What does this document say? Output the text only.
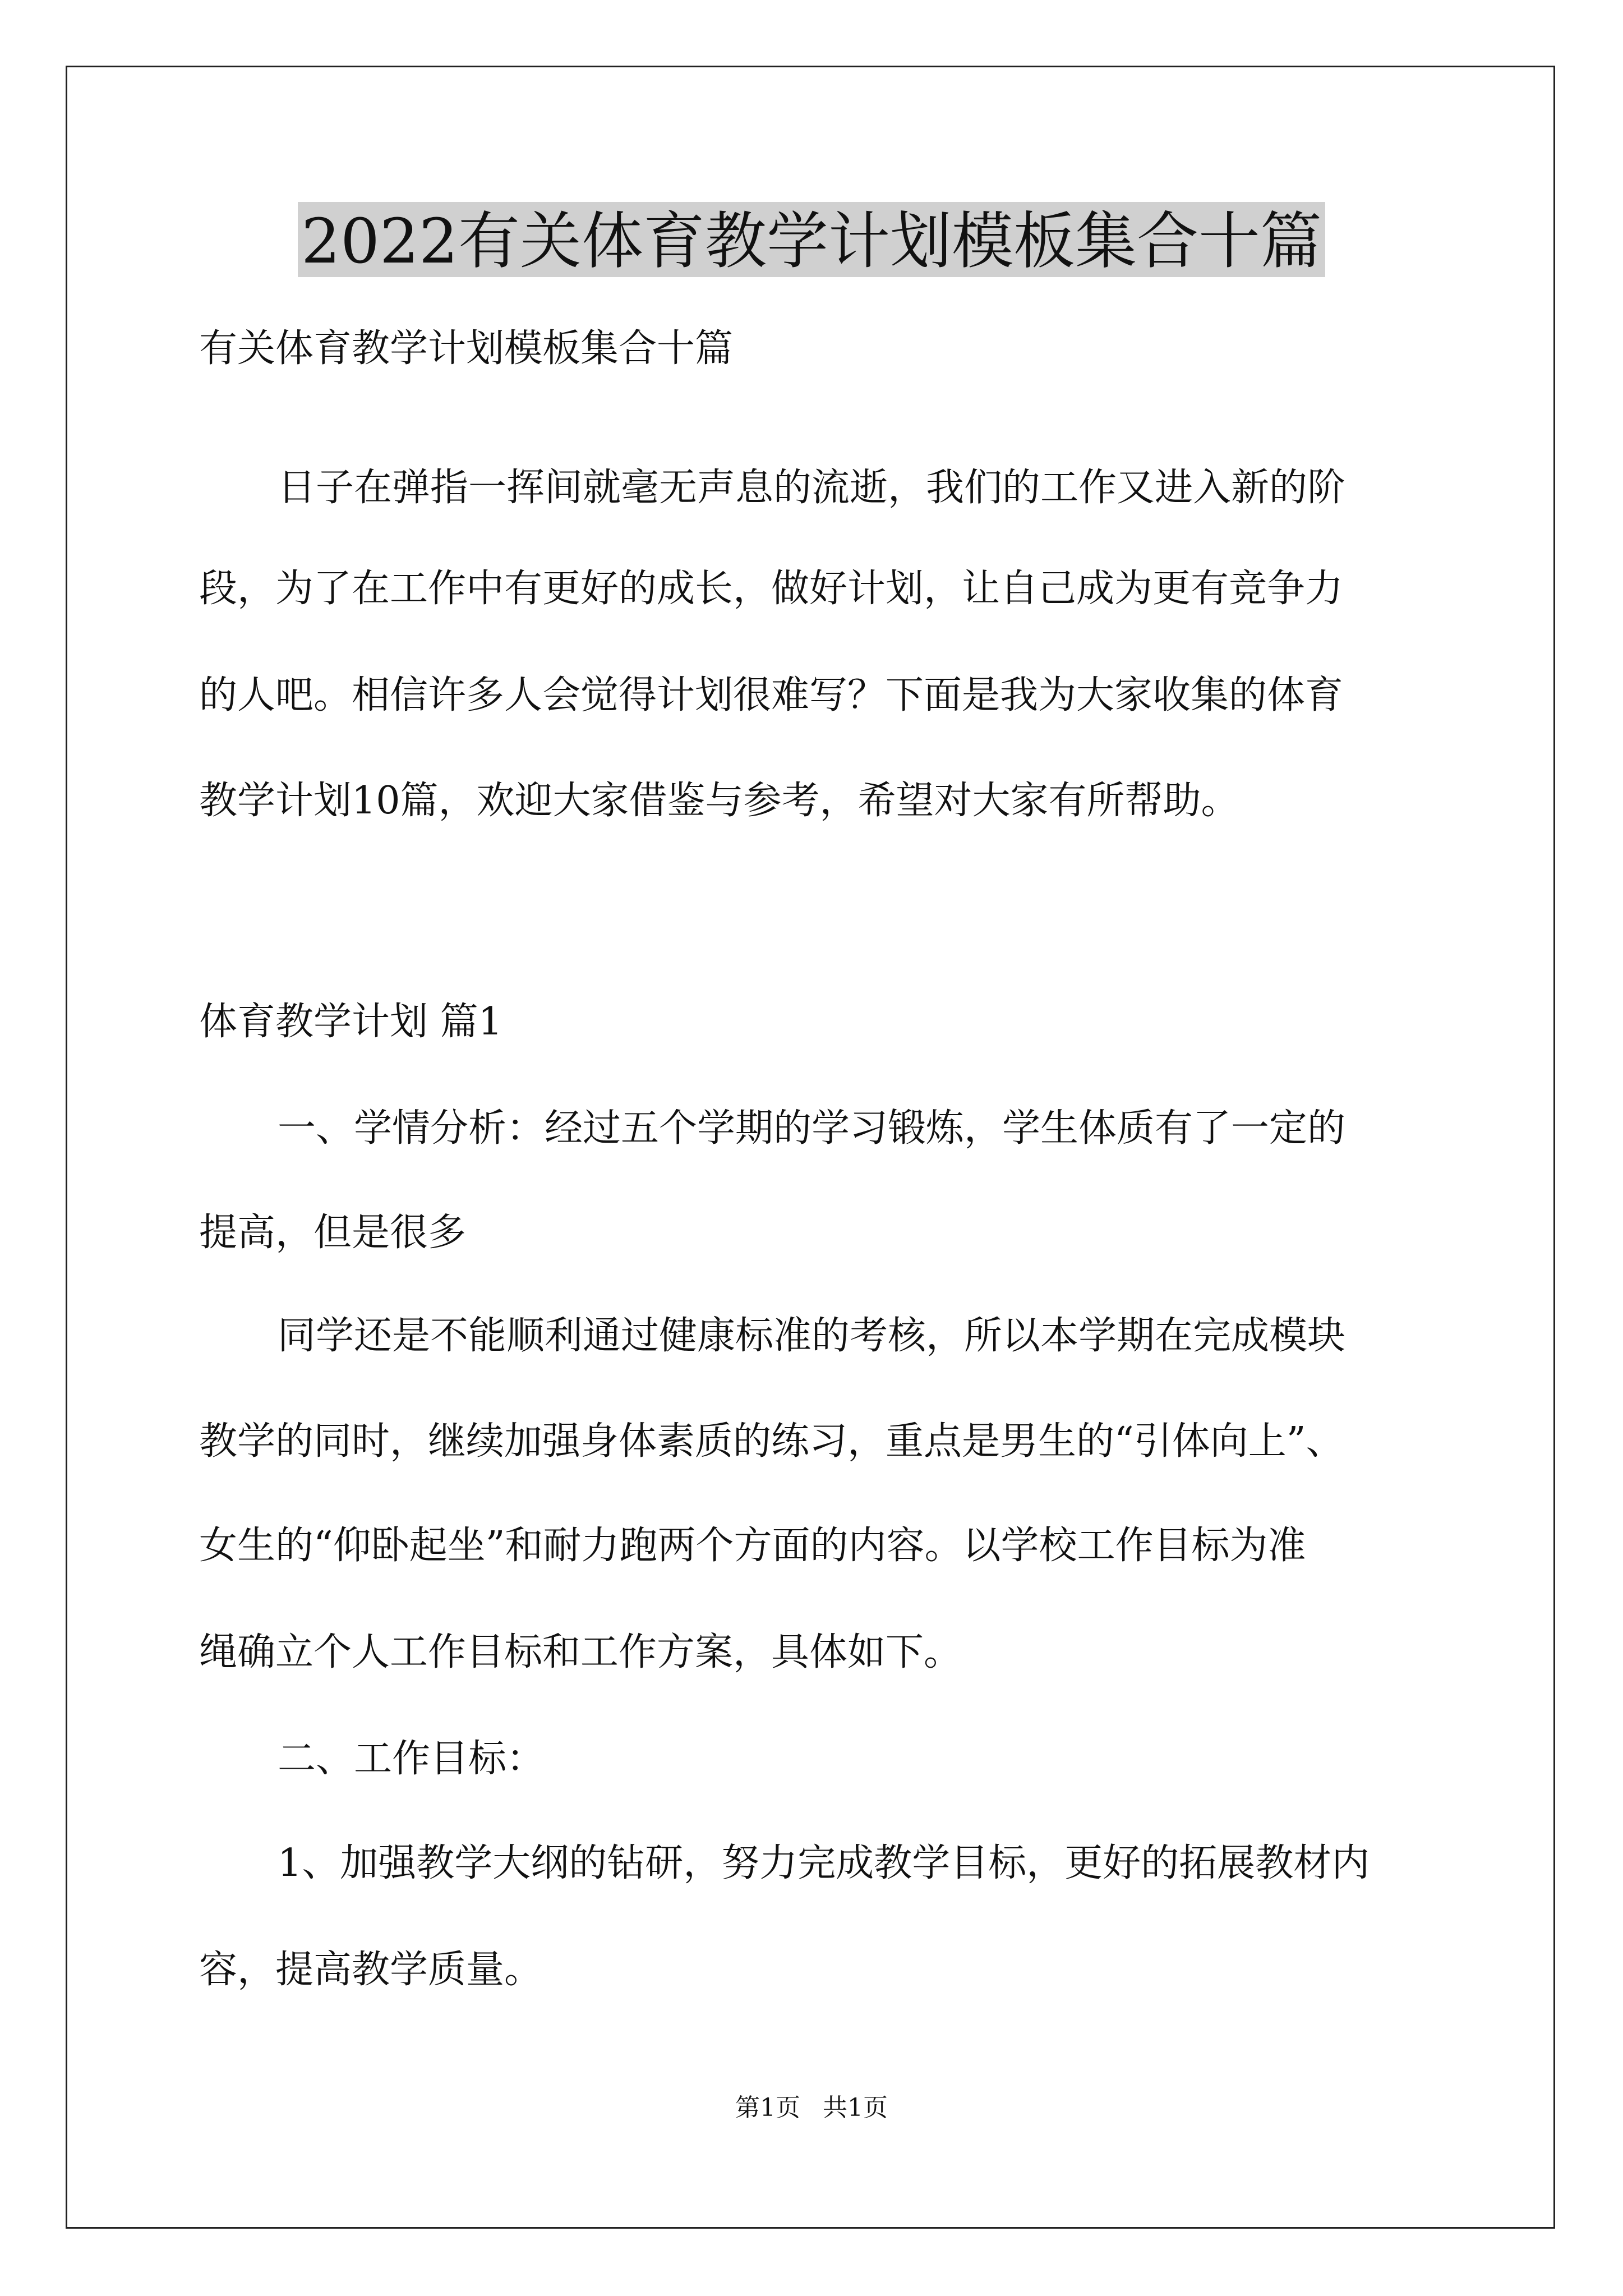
2022有关体育教学计划模板集合十篇
有关体育教学计划模板集合十篇
日子在弹指一挥间就毫无声息的流逝，我们的工作又进入新的阶
段，为了在工作中有更好的成长，做好计划，让自己成为更有竞争力
的人吧。相信许多人会觉得计划很难写？下面是我为大家收集的体育
教学计划10篇，欢迎大家借鉴与参考，希望对大家有所帮助。
体育教学计划 篇1
一、学情分析：经过五个学期的学习锻炼，学生体质有了一定的
提高，但是很多
同学还是不能顺利通过健康标准的考核，所以本学期在完成模块
教学的同时，继续加强身体素质的练习，重点是男生的“引体向上”、
女生的“仰卧起坐”和耐力跑两个方面的内容。以学校工作目标为准
绳确立个人工作目标和工作方案，具体如下。
二、工作目标：
1、加强教学大纲的钻研，努力完成教学目标，更好的拓展教材内
容，提高教学质量。
第1页 共1页
